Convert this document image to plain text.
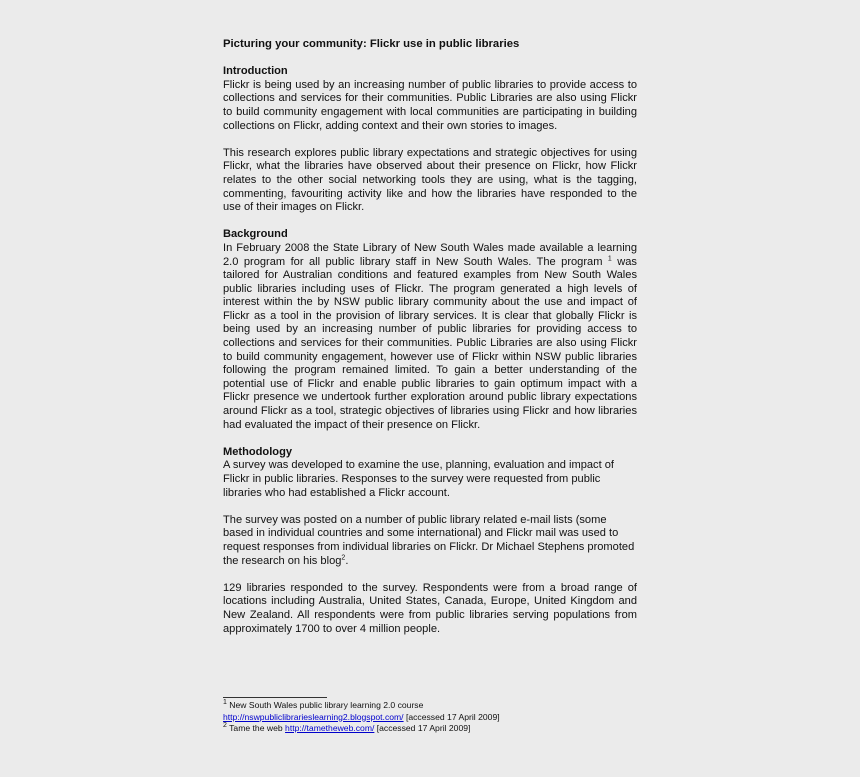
Picturing your community: Flickr use in public libraries

Introduction

Flickr is being used by an increasing number of public libraries to provide access to collections and services for their communities. Public Libraries are also using Flickr to build community engagement with local communities are participating in building collections on Flickr, adding context and their own stories to images.

This research explores public library expectations and strategic objectives for using Flickr, what the libraries have observed about their presence on Flickr, how Flickr relates to the other social networking tools they are using, what is the tagging, commenting, favouriting activity like and how the libraries have responded to the use of their images on Flickr.

Background

In February 2008 the State Library of New South Wales made available a learning 2.0 program for all public library staff in New South Wales. The program $^1$ was tailored for Australian conditions and featured examples from New South Wales public libraries including uses of Flickr. The program generated a high levels of interest within the by NSW public library community about the use and impact of Flickr as a tool in the provision of library services. It is clear that globally Flickr is being used by an increasing number of public libraries for providing access to collections and services for their communities. Public Libraries are also using Flickr to build community engagement, however use of Flickr within NSW public libraries following the program remained limited. To gain a better understanding of the potential use of Flickr and enable public libraries to gain optimum impact with a Flickr presence we undertook further exploration around public library expectations around Flickr as a tool, strategic objectives of libraries using Flickr and how libraries had evaluated the impact of their presence on Flickr.

Methodology

A survey was developed to examine the use, planning, evaluation and impact of Flickr in public libraries. Responses to the survey were requested from public libraries who had established a Flickr account.

The survey was posted on a number of public library related e-mail lists (some based in individual countries and some international) and Flickr mail was used to request responses from individual libraries on Flickr. Dr Michael Stephens promoted the research on his blog$^2$.

129 libraries responded to the survey. Respondents were from a broad range of locations including Australia, United States, Canada, Europe, United Kingdom and New Zealand. All respondents were from public libraries serving populations from approximately 1700 to over 4 million people.

$^1$ New South Wales public library learning 2.0 course

http://nswpubliclibrarieslearning2.blogspot.com/ [accessed 17 April 2009]

$^2$ Tame the web http://tametheweb.com/ [accessed 17 April 2009]
